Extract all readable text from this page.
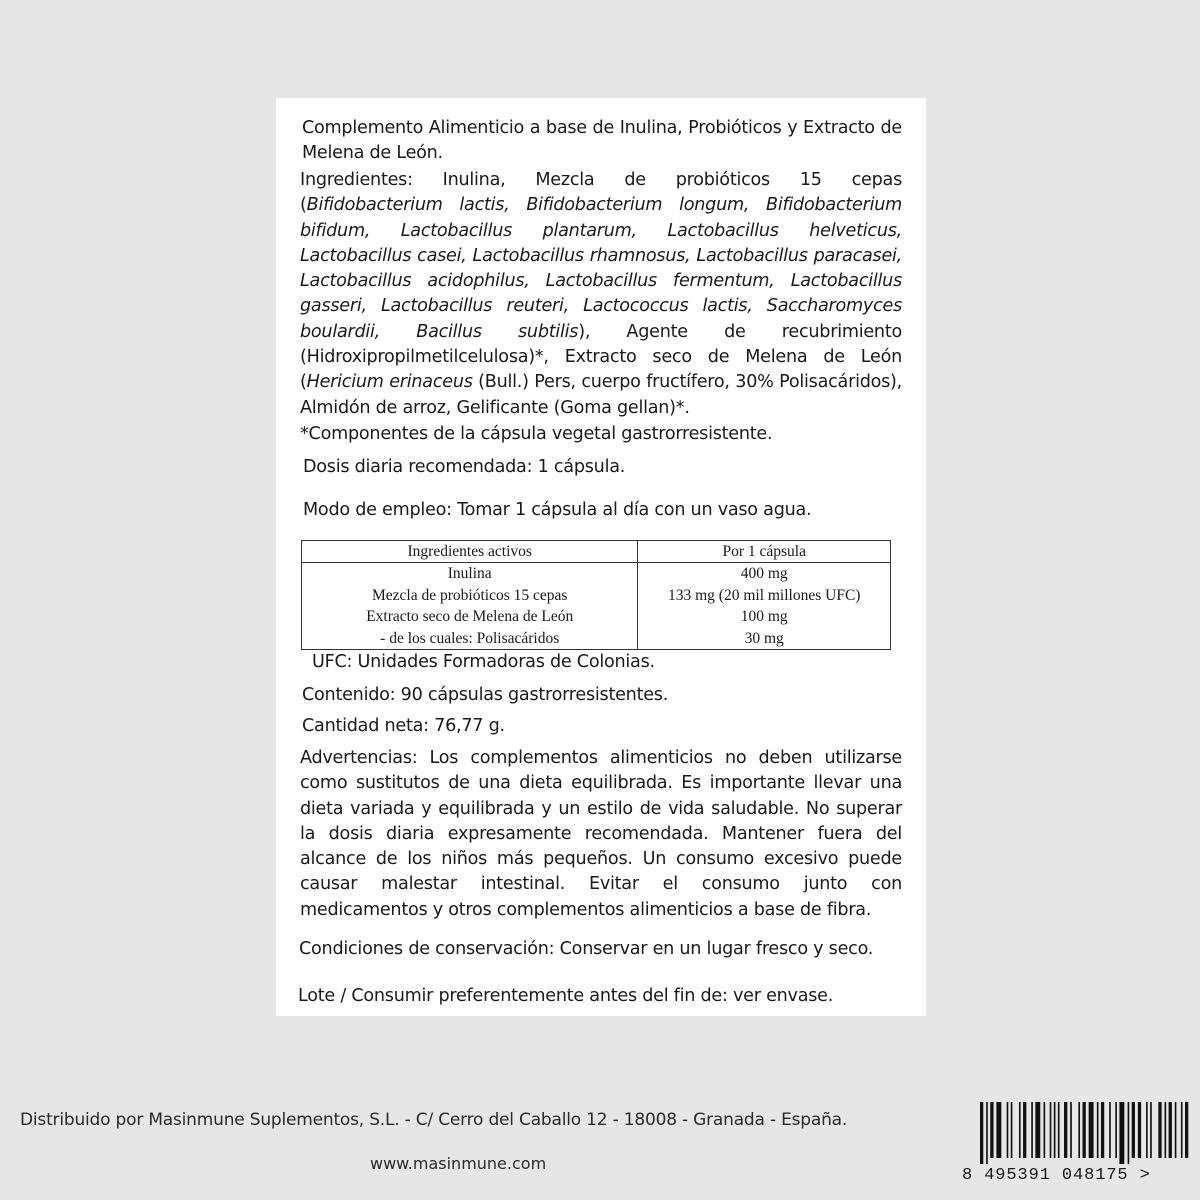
Complemento Alimenticio a base de Inulina, Probióticos y Extracto de Melena de León.

Ingredientes: Inulina, Mezcla de probióticos 15 cepas (Bifidobacterium lactis, Bifidobacterium longum, Bifidobacterium bifidum, Lactobacillus plantarum, Lactobacillus helveticus, Lactobacillus casei, Lactobacillus rhamnosus, Lactobacillus paracasei, Lactobacillus acidophilus, Lactobacillus fermentum, Lactobacillus gasseri, Lactobacillus reuteri, Lactococcus lactis, Saccharomyces boulardii, Bacillus subtilis), Agente de recubrimiento (Hidroxipropilmetilcelulosa)*, Extracto seco de Melena de León (Hericium erinaceus (Bull.) Pers, cuerpo fructífero, 30% Polisacáridos), Almidón de arroz, Gelificante (Goma gellan)*.

*Componentes de la cápsula vegetal gastrorresistente.

Dosis diaria recomendada: 1 cápsula.

Modo de empleo: Tomar 1 cápsula al día con un vaso agua.

Ingredientes activos	Por 1 cápsula
Inulina	400 mg
Mezcla de probióticos 15 cepas	133 mg (20 mil millones UFC)
Extracto seco de Melena de León	100 mg
- de los cuales: Polisacáridos	30 mg

UFC: Unidades Formadoras de Colonias.

Contenido: 90 cápsulas gastrorresistentes.

Cantidad neta: 76,77 g.

Advertencias: Los complementos alimenticios no deben utilizarse como sustitutos de una dieta equilibrada. Es importante llevar una dieta variada y equilibrada y un estilo de vida saludable. No superar la dosis diaria expresamente recomendada. Mantener fuera del alcance de los niños más pequeños. Un consumo excesivo puede causar malestar intestinal. Evitar el consumo junto con medicamentos y otros complementos alimenticios a base de fibra.

Condiciones de conservación: Conservar en un lugar fresco y seco.

Lote / Consumir preferentemente antes del fin de: ver envase.

Distribuido por Masinmune Suplementos, S.L. - C/ Cerro del Caballo 12 - 18008 - Granada - España.

www.masinmune.com

8 495391 048175 >
